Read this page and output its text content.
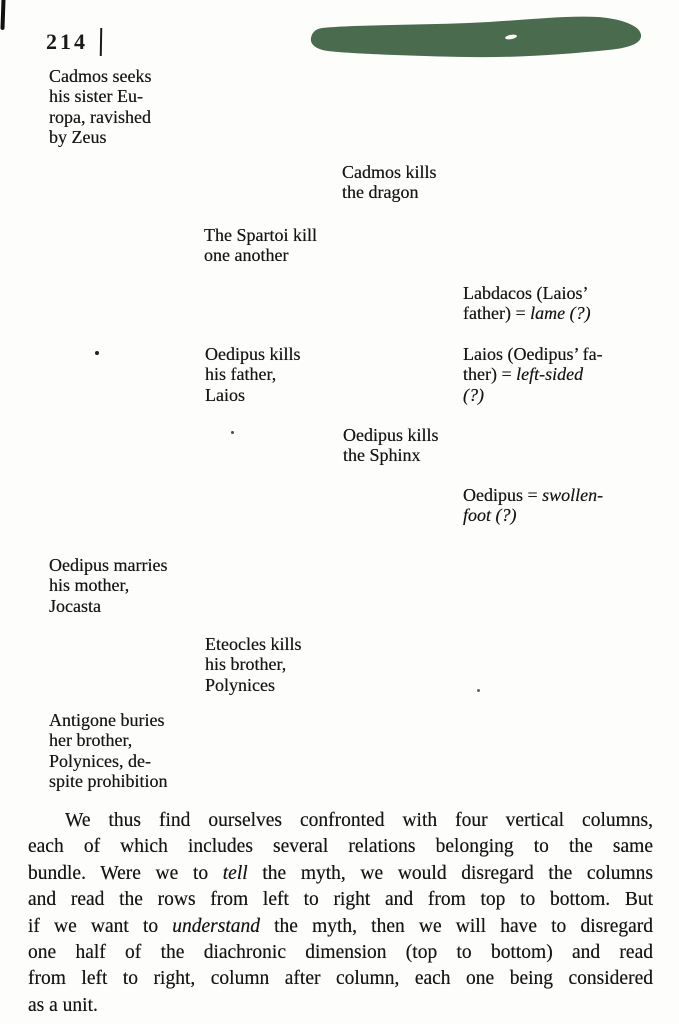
214
Cadmos seeks
his sister Eu-
ropa, ravished
by Zeus
Cadmos kills
the dragon
The Spartoi kill
one another
Labdacos (Laios’
father) = lame (?)
Oedipus kills
his father,
Laios
Laios (Oedipus’ fa-
ther) = left-sided
(?)
Oedipus kills
the Sphinx
Oedipus = swollen-
foot (?)
Oedipus marries
his mother,
Jocasta
Eteocles kills
his brother,
Polynices
Antigone buries
her brother,
Polynices, de-
spite prohibition
We thus find ourselves confronted with four vertical columns,
each of which includes several relations belonging to the same
bundle. Were we to tell the myth, we would disregard the columns
and read the rows from left to right and from top to bottom. But
if we want to understand the myth, then we will have to disregard
one half of the diachronic dimension (top to bottom) and read
from left to right, column after column, each one being considered
as a unit.
